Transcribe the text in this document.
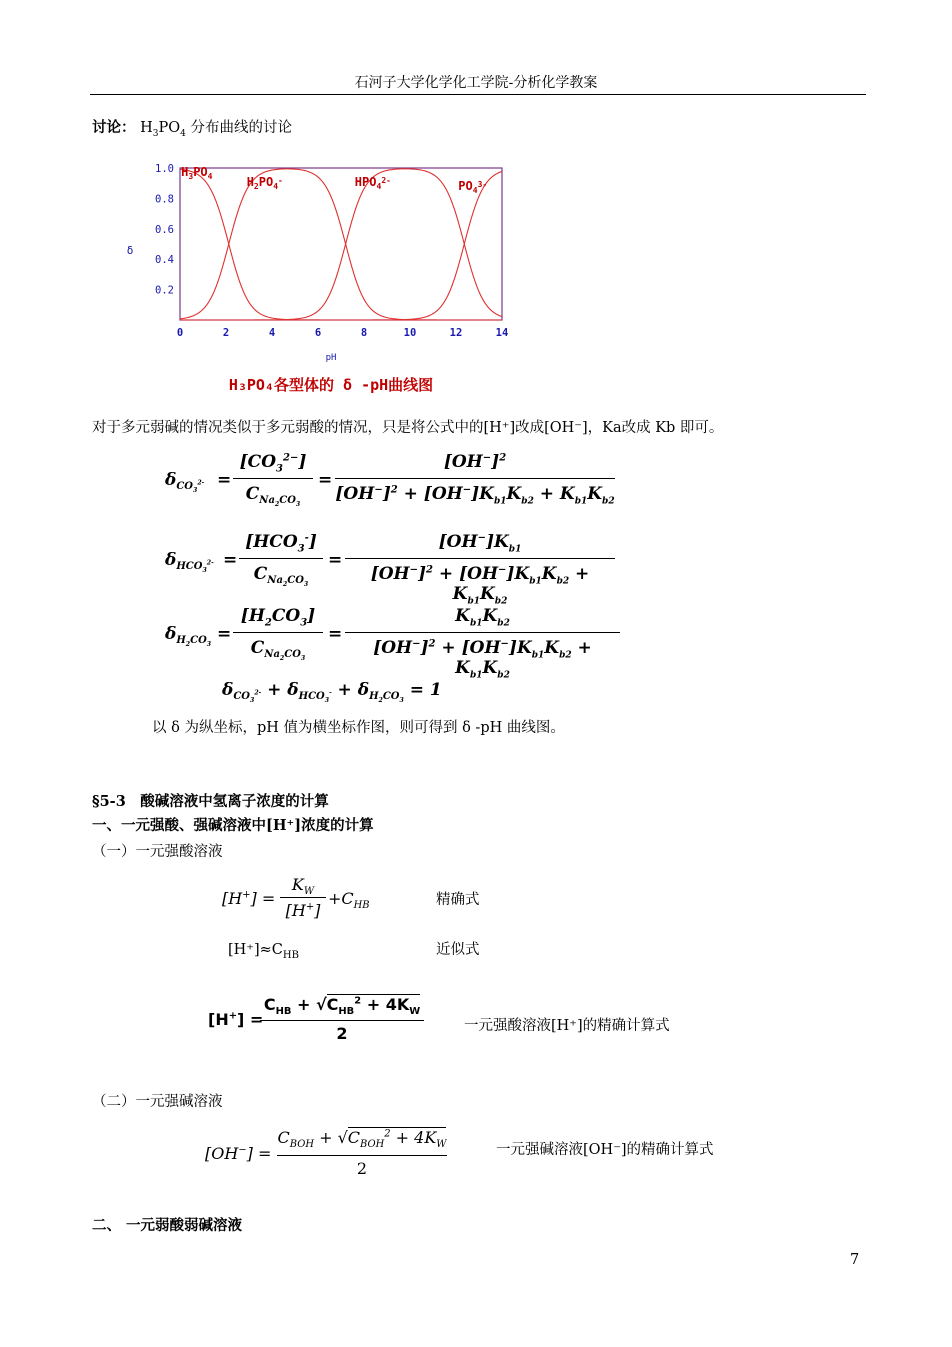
石河子大学化学化工学院-分析化学教案
讨论： $H_3PO_4$ 分布曲线的讨论
0	2	4	6	8	10	12	14
1.0
0.8
0.6
0.4
0.2
δ
pH
$H_3PO_4$	$H_2PO_4^-$	$HPO_4^{2-}$	$PO_4^{3-}$
H₃PO₄各型体的 δ -pH曲线图
对于多元弱碱的情况类似于多元弱酸的情况，只是将公式中的[H⁺]改成[OH⁻]，Ka改成 Kb 即可。
$\delta_{CO_3^{2-}}$ =
$[CO_3^{2-}]$
$C_{Na_2CO_3}$
=
$[OH^-]^2$
$[OH^-]^2 + [OH^-]K_{b1}K_{b2} + K_{b1}K_{b2}$
$\delta_{HCO_3^{2-}}$ =
$[HCO_3^-]$
$C_{Na_2CO_3}$
=
$[OH^-]K_{b1}$
$[OH^-]^2 + [OH^-]K_{b1}K_{b2} + K_{b1}K_{b2}$
$\delta_{H_2CO_3}$
=
$[H_2CO_3]$
$C_{Na_2CO_3}$
=
$K_{b1}K_{b2}$
$[OH^-]^2 + [OH^-]K_{b1}K_{b2} + K_{b1}K_{b2}$
$\delta_{CO_3^{2-}} + \delta_{HCO_3^-} + \delta_{H_2CO_3} = 1$
以 δ 为纵坐标，pH 值为横坐标作图，则可得到 δ -pH 曲线图。
§5-3　酸碱溶液中氢离子浓度的计算
一、一元强酸、强碱溶液中[H⁺]浓度的计算
（一）一元强酸溶液
[H+] =
$K_W$
[H+]
$+C_{HB}$	精确式
$[H^+]\approx C_{HB}$	近似式
[H+] =
$C_{HB} + √C_{HB}^2 + 4K_W$
2	一元强酸溶液[H⁺]的精确计算式
（二）一元强碱溶液
[OH−] =
$C_{BOH} + √C_{BOH}^2 + 4K_W$
2
一元强碱溶液[OH⁻]的精确计算式
二、 一元弱酸弱碱溶液
7
